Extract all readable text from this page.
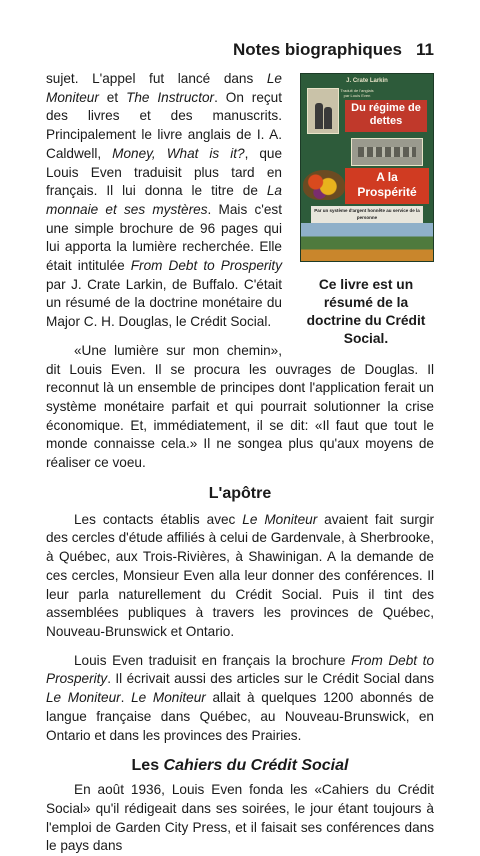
Notes biographiques 11
J. Crate Larkin
Traduit de l'anglais par Louis Even
Du régime de dettes
A la Prospérité
Par un système d'argent honnête au service de la personne
Ce livre est un résumé de la doctrine du Crédit Social.

sujet. L'appel fut lancé dans Le Moniteur et The Instructor. On reçut des livres et des manuscrits. Principalement le livre anglais de I. A. Caldwell, Money, What is it?, que Louis Even traduisit plus tard en français. Il lui donna le titre de La monnaie et ses mystères. Mais c'est une simple brochure de 96 pages qui lui apporta la lumière recherchée. Elle était intitulée From Debt to Prosperity par J. Crate Larkin, de Buffalo. C'était un résumé de la doctrine monétaire du Major C. H. Douglas, le Crédit Social.

«Une lumière sur mon chemin», dit Louis Even. Il se procura les ouvrages de Douglas. Il reconnut là un ensemble de principes dont l'application ferait un système monétaire parfait et qui pourrait solutionner la crise économique. Et, immédiatement, il se dit: «Il faut que tout le monde connaisse cela.» Il ne songea plus qu'aux moyens de réaliser ce voeu.

L'apôtre

Les contacts établis avec Le Moniteur avaient fait surgir des cercles d'étude affiliés à celui de Gardenvale, à Sherbrooke, à Québec, aux Trois-Rivières, à Shawinigan. A la demande de ces cercles, Monsieur Even alla leur donner des conférences. Il leur parla naturellement du Crédit Social. Puis il tint des assemblées publiques à travers les provinces de Québec, Nouveau-Brunswick et Ontario.

Louis Even traduisit en français la brochure From Debt to Prosperity. Il écrivait aussi des articles sur le Crédit Social dans Le Moniteur. Le Moniteur allait à quelques 1200 abonnés de langue française dans Québec, au Nouveau-Brunswick, en Ontario et dans les provinces des Prairies.

Les Cahiers du Crédit Social

En août 1936, Louis Even fonda les «Cahiers du Crédit Social» qu'il rédigeait dans ses soirées, le jour étant toujours à l'emploi de Garden City Press, et il faisait ses conférences dans le pays dans
